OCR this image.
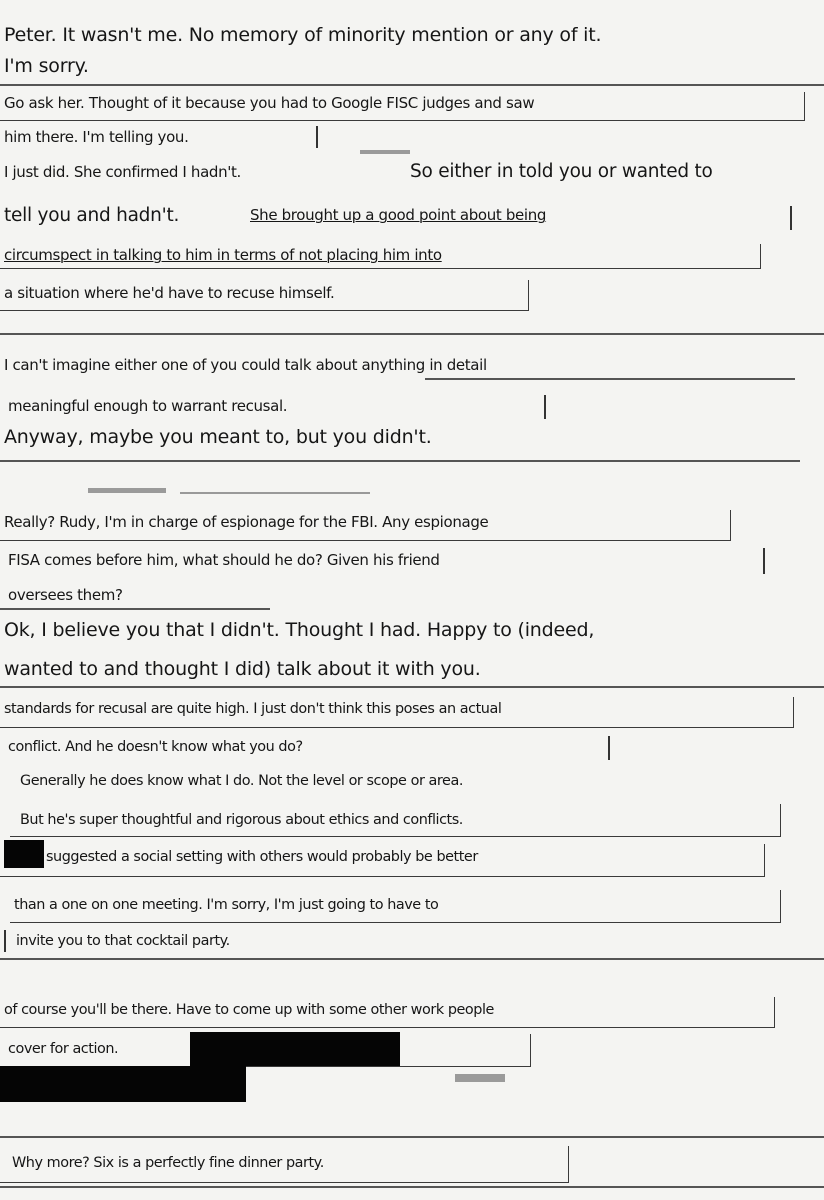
Peter. It wasn't me. No memory of minority mention or any of it.
I'm sorry.
Go ask her. Thought of it because you had to Google FISC judges and saw
him there. I'm telling you.
I just did. She confirmed I hadn't.	So either in told you or wanted to
tell you and hadn't.	She brought up a good point about being
circumspect in talking to him in terms of not placing him into
a situation where he'd have to recuse himself.
I can't imagine either one of you could talk about anything in detail
meaningful enough to warrant recusal.
Anyway, maybe you meant to, but you didn't.
Really? Rudy, I'm in charge of espionage for the FBI. Any espionage
FISA comes before him, what should he do? Given his friend
oversees them?
Ok, I believe you that I didn't. Thought I had. Happy to (indeed,
wanted to and thought I did) talk about it with you.
standards for recusal are quite high. I just don't think this poses an actual
conflict. And he doesn't know what you do?
Generally he does know what I do. Not the level or scope or area.
But he's super thoughtful and rigorous about ethics and conflicts.
suggested a social setting with others would probably be better
than a one on one meeting. I'm sorry, I'm just going to have to
invite you to that cocktail party.
of course you'll be there. Have to come up with some other work people
cover for action.
Why more? Six is a perfectly fine dinner party.
